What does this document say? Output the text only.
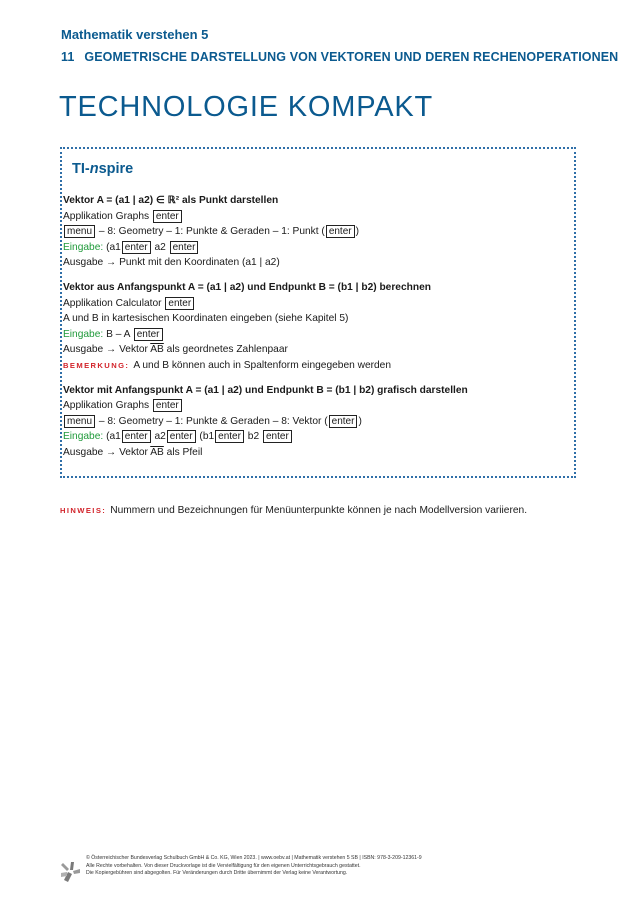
Mathematik verstehen 5
11 GEOMETRISCHE DARSTELLUNG VON VEKTOREN UND DEREN RECHENOPERATIONEN
TECHNOLOGIE KOMPAKT
TI-nspire
Vektor A = (a1 | a2) ∈ ℝ² als Punkt darstellen
Applikation Graphs enter
menu – 8: Geometry – 1: Punkte & Geraden – 1: Punkt ( enter )
Eingabe: (a1 enter a2 enter
Ausgabe → Punkt mit den Koordinaten (a1 | a2)
Vektor aus Anfangspunkt A = (a1 | a2) und Endpunkt B = (b1 | b2) berechnen
Applikation Calculator enter
A und B in kartesischen Koordinaten eingeben (siehe Kapitel 5)
Eingabe: B – A enter
Ausgabe → Vektor $\overline{AB}$ als geordnetes Zahlenpaar
BEMERKUNG: A und B können auch in Spaltenform eingegeben werden
Vektor mit Anfangspunkt A = (a1 | a2) und Endpunkt B = (b1 | b2) grafisch darstellen
Applikation Graphs enter
menu – 8: Geometry – 1: Punkte & Geraden – 8: Vektor ( enter )
Eingabe: (a1 enter a2 enter (b1 enter b2 enter
Ausgabe → Vektor $\overline{AB}$ als Pfeil
HINWEIS: Nummern und Bezeichnungen für Menüunterpunkte können je nach Modellversion variieren.
© Österreichischer Bundesverlag Schulbuch GmbH & Co. KG, Wien 2023. | www.oebv.at | Mathematik verstehen 5 SB | ISBN: 978-3-209-12361-9
Alle Rechte vorbehalten. Von dieser Druckvorlage ist die Vervielfältigung für den eigenen Unterrichtsgebrauch gestattet.
Die Kopiergebühren sind abgegolten. Für Veränderungen durch Dritte übernimmt der Verlag keine Verantwortung.
